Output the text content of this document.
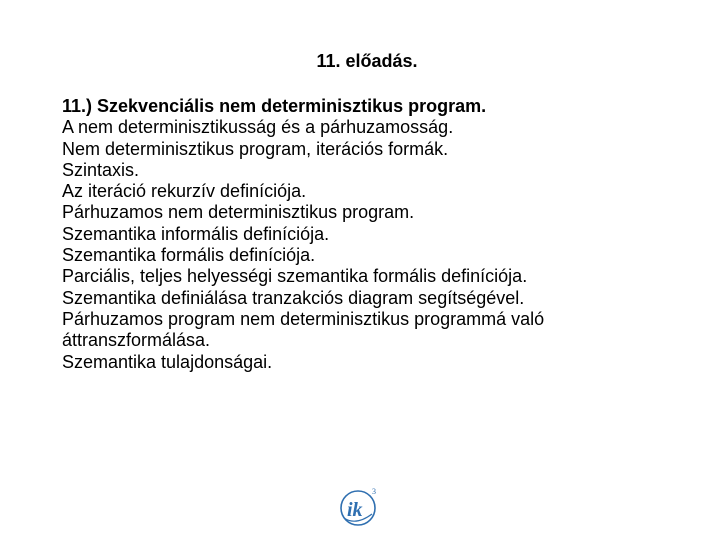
11. előadás.
11.) Szekvenciális nem determinisztikus program.
A nem determinisztikusság és a párhuzamosság.
Nem determinisztikus program, iterációs formák.
Szintaxis.
Az iteráció rekurzív definíciója.
Párhuzamos nem determinisztikus program.
Szemantika informális definíciója.
Szemantika formális definíciója.
Parciális, teljes helyességi szemantika formális definíciója.
Szemantika definiálása tranzakciós diagram segítségével.
Párhuzamos program nem determinisztikus programmá való
áttranszformálása.
Szemantika tulajdonságai.
3
ik
